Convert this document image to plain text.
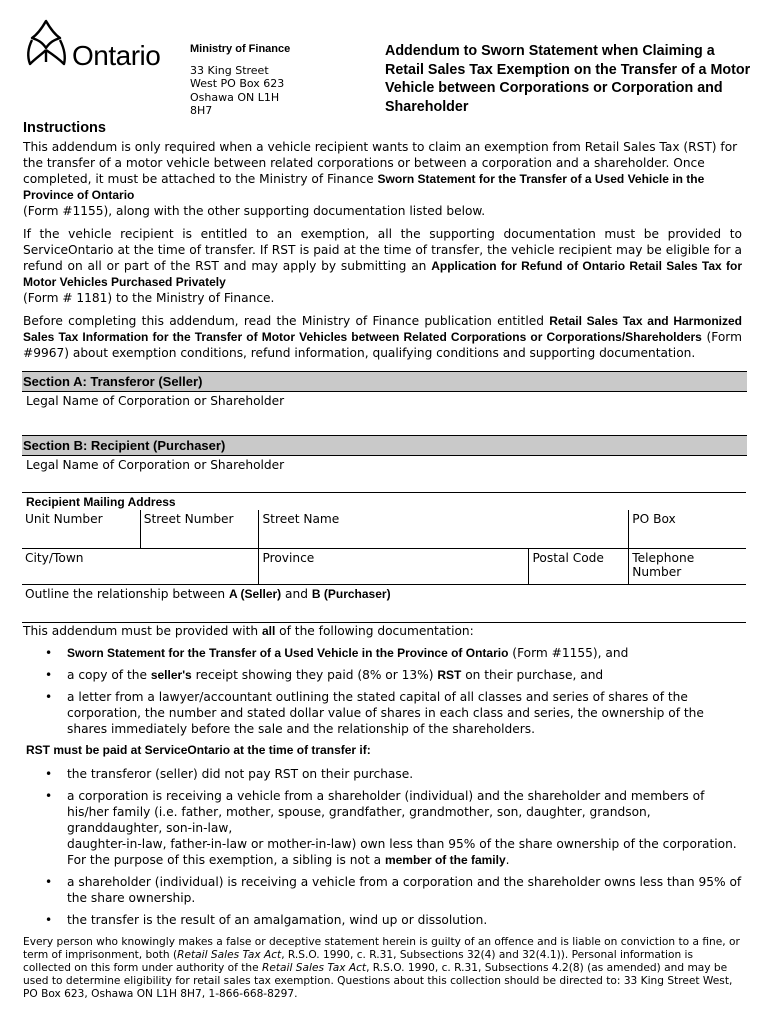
Ontario	Ministry of Finance
33 King Street
West PO Box 623
Oshawa ON L1H
8H7
Addendum to Sworn Statement when Claiming a Retail Sales Tax Exemption on the Transfer of a Motor Vehicle between Corporations or Corporation and Shareholder
Instructions

This addendum is only required when a vehicle recipient wants to claim an exemption from Retail Sales Tax (RST) for the transfer of a motor vehicle between related corporations or between a corporation and a shareholder. Once completed, it must be attached to the Ministry of Finance Sworn Statement for the Transfer of a Used Vehicle in the Province of Ontario
(Form #1155), along with the other supporting documentation listed below.

If the vehicle recipient is entitled to an exemption, all the supporting documentation must be provided to ServiceOntario at the time of transfer. If RST is paid at the time of transfer, the vehicle recipient may be eligible for a refund on all or part of the RST and may apply by submitting an Application for Refund of Ontario Retail Sales Tax for Motor Vehicles Purchased Privately
(Form # 1181) to the Ministry of Finance.

Before completing this addendum, read the Ministry of Finance publication entitled Retail Sales Tax and Harmonized Sales Tax Information for the Transfer of Motor Vehicles between Related Corporations or Corporations/Shareholders (Form #9967) about exemption conditions, refund information, qualifying conditions and supporting documentation.

Section A: Transferor (Seller)
Legal Name of Corporation or Shareholder
Section B: Recipient (Purchaser)
Legal Name of Corporation or Shareholder
Recipient Mailing Address
Unit Number	Street Number	Street Name		PO Box
City/Town		Province	Postal Code	Telephone Number
Outline the relationship between A (Seller) and B (Purchaser)				
This addendum must be provided with all of the following documentation:
• Sworn Statement for the Transfer of a Used Vehicle in the Province of Ontario (Form #1155), and
• a copy of the seller's receipt showing they paid (8% or 13%) RST on their purchase, and
• a letter from a lawyer/accountant outlining the stated capital of all classes and series of shares of the corporation, the number and stated dollar value of shares in each class and series, the ownership of the shares immediately before the sale and the relationship of the shareholders.
RST must be paid at ServiceOntario at the time of transfer if:
• the transferor (seller) did not pay RST on their purchase.
• a corporation is receiving a vehicle from a shareholder (individual) and the shareholder and members of his/her family (i.e. father, mother, spouse, grandfather, grandmother, son, daughter, grandson, granddaughter, son-in-law,
daughter-in-law, father-in-law or mother-in-law) own less than 95% of the share ownership of the corporation. For the purpose of this exemption, a sibling is not a member of the family.
• a shareholder (individual) is receiving a vehicle from a corporation and the shareholder owns less than 95% of the share ownership.
• the transfer is the result of an amalgamation, wind up or dissolution.
Every person who knowingly makes a false or deceptive statement herein is guilty of an offence and is liable on conviction to a fine, or term of imprisonment, both (Retail Sales Tax Act, R.S.O. 1990, c. R.31, Subsections 32(4) and 32(4.1)). Personal information is collected on this form under authority of the Retail Sales Tax Act, R.S.O. 1990, c. R.31, Subsections 4.2(8) (as amended) and may be used to determine eligibility for retail sales tax exemption. Questions about this collection should be directed to: 33 King Street West, PO Box 623, Oshawa ON L1H 8H7, 1-866-668-8297.
